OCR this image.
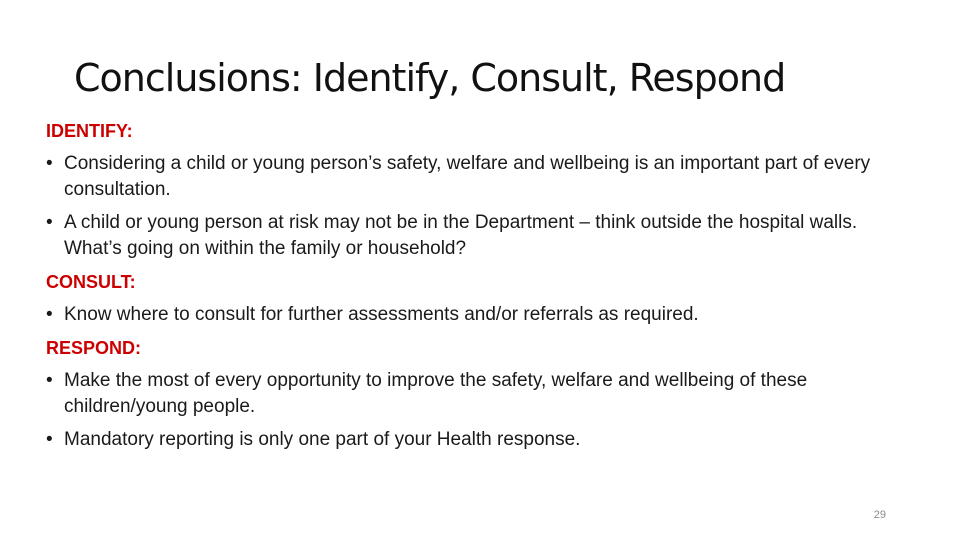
Conclusions: Identify, Consult, Respond
IDENTIFY:
• Considering a child or young person’s safety, welfare and wellbeing is an important part of every consultation.
• A child or young person at risk may not be in the Department – think outside the hospital walls. What’s going on within the family or household?
CONSULT:
• Know where to consult for further assessments and/or referrals as required.
RESPOND:
• Make the most of every opportunity to improve the safety, welfare and wellbeing of these children/young people.
• Mandatory reporting is only one part of your Health response.
29
